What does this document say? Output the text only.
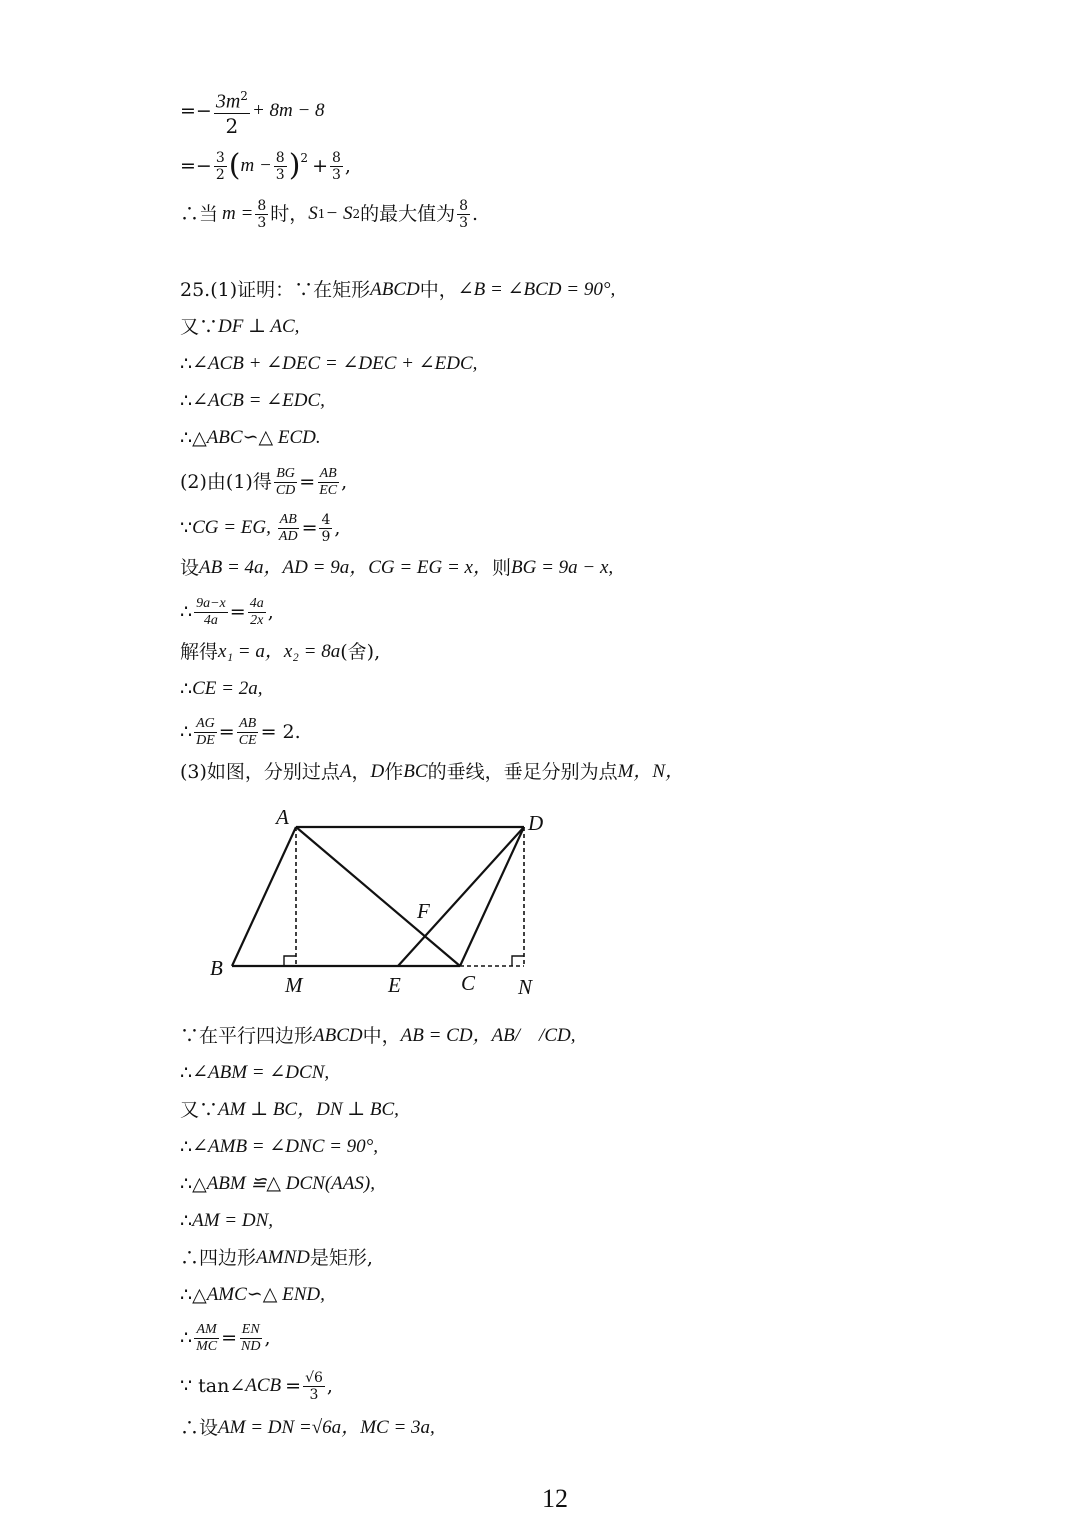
=− $\frac{3m^2}{2} + 8m - 8$
=− $\frac{3}{2}$ ( $m - \frac{8}{3} )^2 + \frac{8}{3}$ ,
∴当 $m = \frac{8}{3}$ 时， S 1 − S 2 的最大值为 $\frac{8}{3}$ .
25.(1)证明：∵在矩形 ABCD 中， ∠B = ∠BCD = 90°,
又∵ DF ⊥ AC,
∴ ∠ACB + ∠DEC = ∠DEC + ∠EDC,
∴ ∠ACB = ∠EDC,
∴△ ABC∽△ ECD.
(2)由(1)得 $\frac{BG}{CD} = \frac{AB}{EC}$ ,
∵ CG = EG, $\frac{AB}{AD} = \frac{4}{9}$ ,
设 AB = 4a，AD = 9a，CG = EG = x， 则 BG = 9a − x,
∴ $\frac{9a-x}{4a} = \frac{4a}{2x}$ ,
解得 x₁ = a，x₂ = 8a (舍),
∴ CE = 2a,
∴ $\frac{AG}{DE} = \frac{AB}{CE} = 2$.
(3)如图，分别过点 A ， D 作 BC 的垂线，垂足分别为点 M，N，
A	D
B
M	E	C N
F
∵在平行四边形 ABCD 中， AB = CD，AB/　/CD,
∴ ∠ABM = ∠DCN,
又∵ AM ⊥ BC，DN ⊥ BC,
∴ ∠AMB = ∠DNC = 90°,
∴△ ABM ≌△ DCN(AAS),
∴ AM = DN,
∴四边形 AMND 是矩形,
∴△ AMC∽△ END,
∴ $\frac{AM}{MC} = \frac{EN}{ND}$ ,
∵ tan∠ ACB = $\frac{√6}{3}$ ,
∴设 AM = DN = √6a ，MC = 3a,
12
